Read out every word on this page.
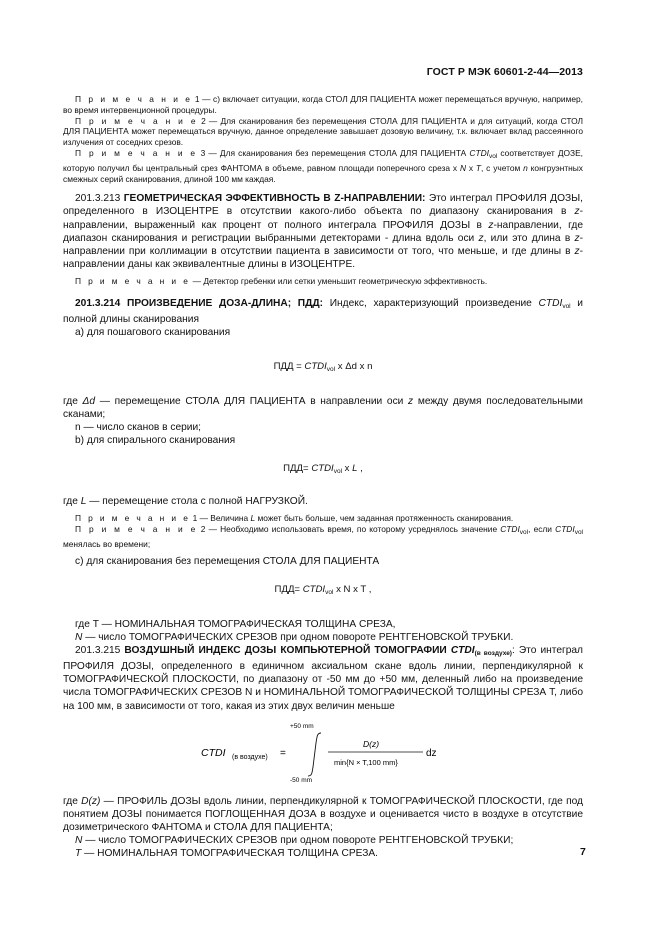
ГОСТ Р МЭК 60601-2-44—2013

П р и м е ч а н и е 1 — c) включает ситуации, когда СТОЛ ДЛЯ ПАЦИЕНТА может перемещаться вручную, например, во время интервенционной процедуры.

П р и м е ч а н и е 2 — Для сканирования без перемещения СТОЛА ДЛЯ ПАЦИЕНТА и для ситуаций, когда СТОЛ ДЛЯ ПАЦИЕНТА может перемещаться вручную, данное определение завышает дозовую величину, т.к. включает вклад рассеянного излучения от соседних срезов.

П р и м е ч а н и е 3 — Для сканирования без перемещения СТОЛА ДЛЯ ПАЦИЕНТА $CTDI_{vol}$ соответствует ДОЗЕ, которую получил бы центральный срез ФАНТОМА в объеме, равном площади поперечного среза x N x T, с учетом n конгруэнтных смежных серий сканирования, длиной 100 мм каждая.

201.3.213 ГЕОМЕТРИЧЕСКАЯ ЭФФЕКТИВНОСТЬ В Z-НАПРАВЛЕНИИ: Это интеграл ПРОФИЛЯ ДОЗЫ, определенного в ИЗОЦЕНТРЕ в отсутствии какого-либо объекта по диапазону сканирования в z-направлении, выраженный как процент от полного интеграла ПРОФИЛЯ ДОЗЫ в z-направлении, где диапазон сканирования и регистрации выбранными детекторами - длина вдоль оси z, или это длина в z-направлении при коллимации в отсутствии пациента в зависимости от того, что меньше, и где длины в z-направлении даны как эквивалентные длины в ИЗОЦЕНТРЕ.

П р и м е ч а н и е — Детектор гребенки или сетки уменьшит геометрическую эффективность.

201.3.214 ПРОИЗВЕДЕНИЕ ДОЗА-ДЛИНА; ПДД: Индекс, характеризующий произведение $CTDI_{vol}$ и полной длины сканирования

a) для пошагового сканирования

ПДД = $CTDI_{vol}$ x Δd x n

где Δd — перемещение СТОЛА ДЛЯ ПАЦИЕНТА в направлении оси z между двумя последовательными сканами;

n — число сканов в серии;

b) для спирального сканирования

$ПДД= CTDI_{vol}$ x L ,

где L — перемещение стола с полной НАГРУЗКОЙ.

П р и м е ч а н и е 1 — Величина L может быть больше, чем заданная протяженность сканирования.

П р и м е ч а н и е 2 — Необходимо использовать время, по которому усреднялось значение $CTDI_{vol}$, если $CTDI_{vol}$ менялась во времени;

c) для сканирования без перемещения СТОЛА ДЛЯ ПАЦИЕНТА

$ПДД= CTDI_{vol}$ x N x T ,

где T — НОМИНАЛЬНАЯ ТОМОГРАФИЧЕСКАЯ ТОЛЩИНА СРЕЗА,

N — число ТОМОГРАФИЧЕСКИХ СРЕЗОВ при одном повороте РЕНТГЕНОВСКОЙ ТРУБКИ.

201.3.215 ВОЗДУШНЫЙ ИНДЕКС ДОЗЫ КОМПЬЮТЕРНОЙ ТОМОГРАФИИ $CTDI_{(в воздухе)}$: Это интеграл ПРОФИЛЯ ДОЗЫ, определенного в единичном аксиальном скане вдоль линии, перпендикулярной к ТОМОГРАФИЧЕСКОЙ ПЛОСКОСТИ, по диапазону от -50 мм до +50 мм, деленный либо на произведение числа ТОМОГРАФИЧЕСКИХ СРЕЗОВ N и НОМИНАЛЬНОЙ ТОМОГРАФИЧЕСКОЙ ТОЛЩИНЫ СРЕЗА T, либо на 100 мм, в зависимости от того, какая из этих двух величин меньше

CTDI (в воздухе) =
+50 mm
-50 mm
D(z)
min{N × T,100 mm}
dz

где D(z) — ПРОФИЛЬ ДОЗЫ вдоль линии, перпендикулярной к ТОМОГРАФИЧЕСКОЙ ПЛОСКОСТИ, где под понятием ДОЗЫ понимается ПОГЛОЩЕННАЯ ДОЗА в воздухе и оценивается чисто в воздухе в отсутствие дозиметрического ФАНТОМА и СТОЛА ДЛЯ ПАЦИЕНТА;

N — число ТОМОГРАФИЧЕСКИХ СРЕЗОВ при одном повороте РЕНТГЕНОВСКОЙ ТРУБКИ;

T — НОМИНАЛЬНАЯ ТОМОГРАФИЧЕСКАЯ ТОЛЩИНА СРЕЗА.	7
